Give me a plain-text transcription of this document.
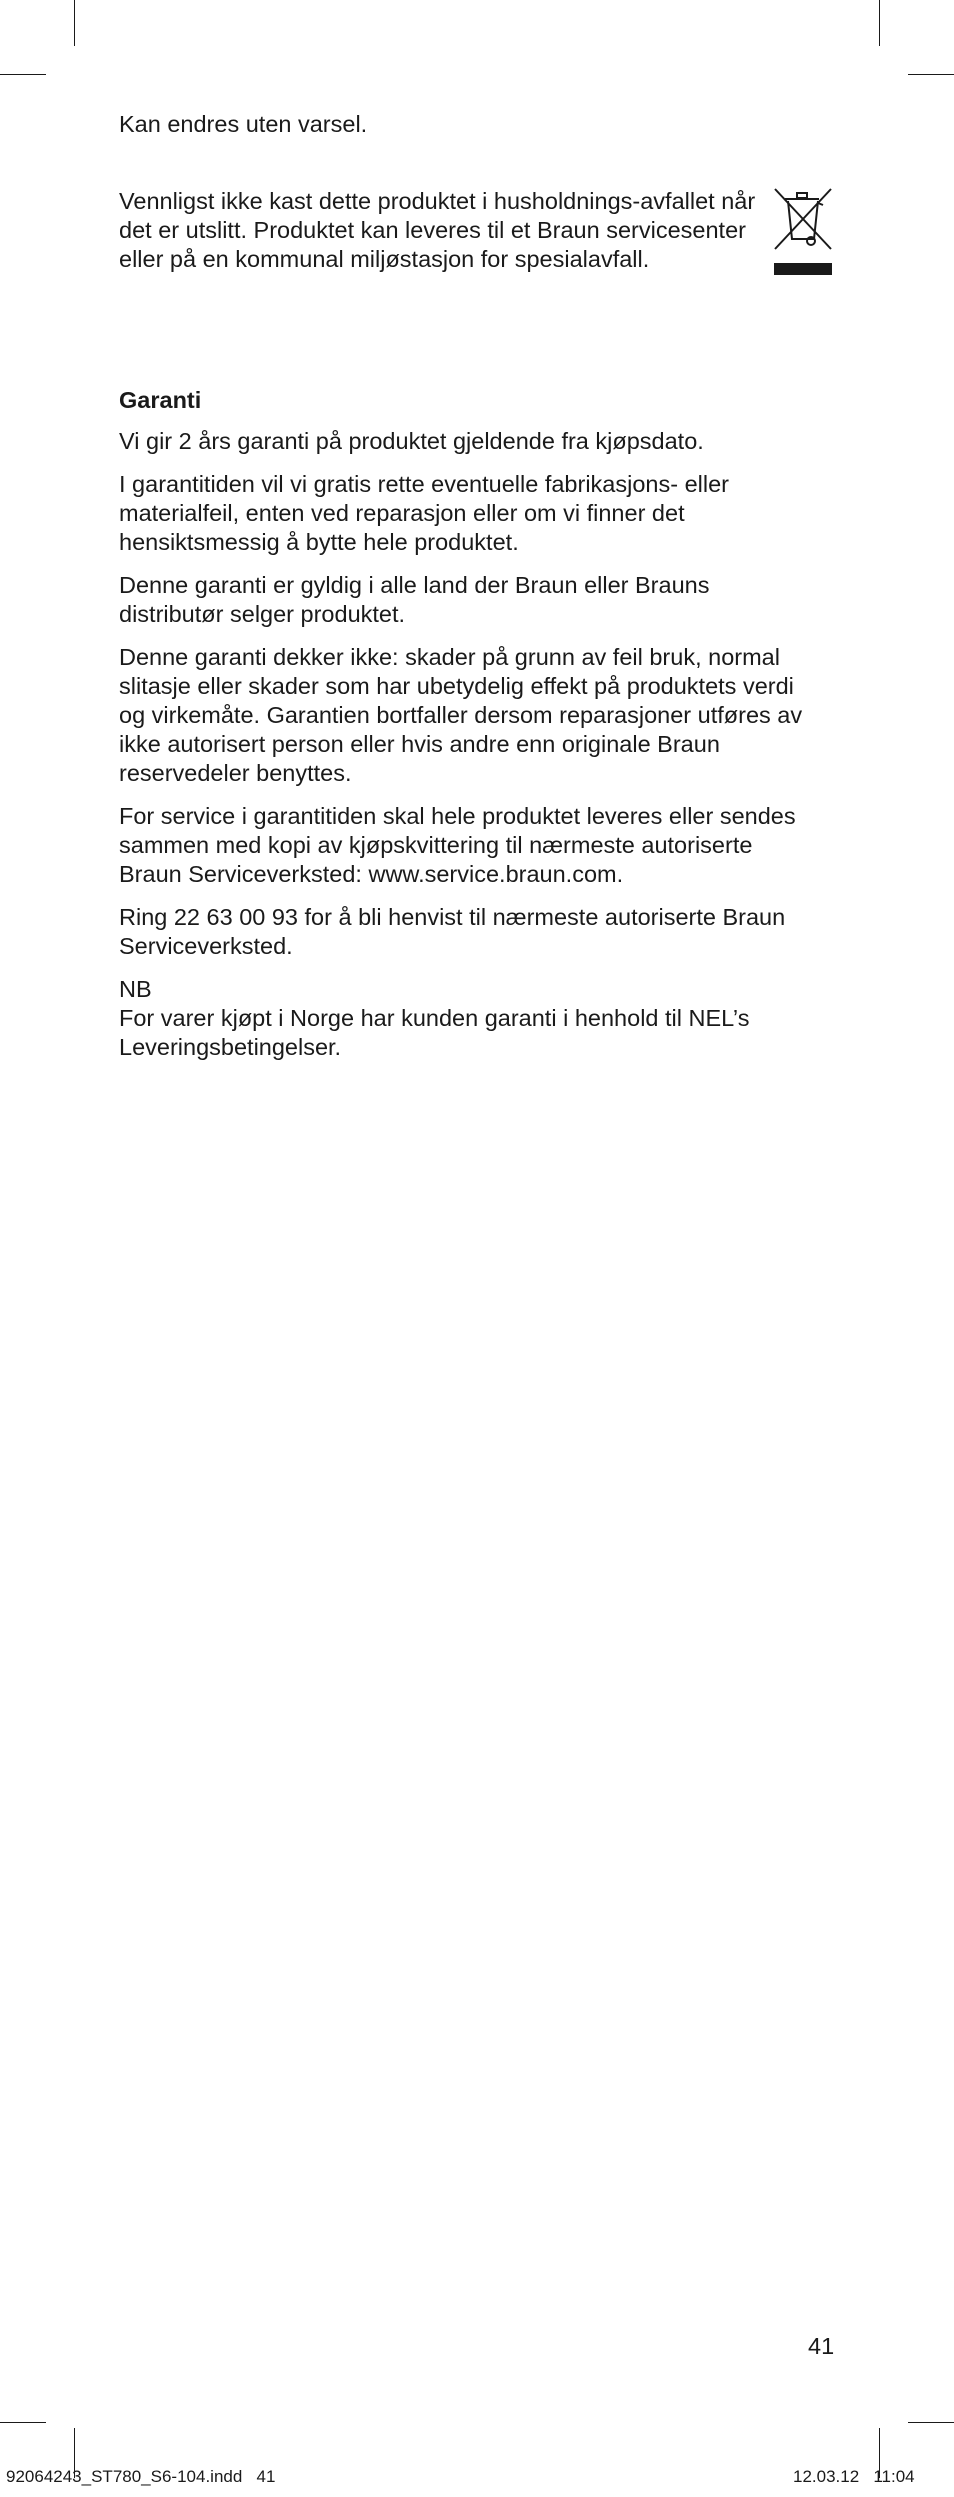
Kan endres uten varsel.

Vennligst ikke kast dette produktet i husholdnings-avfallet når det er utslitt. Produktet kan leveres til et Braun servicesenter eller på en kommunal miljøstasjon for spesialavfall.

Garanti

Vi gir 2 års garanti på produktet gjeldende fra kjøpsdato.

I garantitiden vil vi gratis rette eventuelle fabrikasjons- eller materialfeil, enten ved reparasjon eller om vi finner det hensiktsmessig å bytte hele produktet.

Denne garanti er gyldig i alle land der Braun eller Brauns distributør selger produktet.

Denne garanti dekker ikke: skader på grunn av feil bruk, normal slitasje eller skader som har ubetydelig effekt på produktets verdi og virkemåte. Garantien bortfaller dersom reparasjoner utføres av ikke autorisert person eller hvis andre enn originale Braun reservedeler benyttes.

For service i garantitiden skal hele produktet leveres eller sendes sammen med kopi av kjøpskvittering til nærmeste autoriserte Braun Serviceverksted: www.service.braun.com.

Ring 22 63 00 93 for å bli henvist til nærmeste autoriserte Braun Serviceverksted.

NB

For varer kjøpt i Norge har kunden garanti i henhold til NEL’s Leveringsbetingelser.

41
92064243_ST780_S6-104.indd   41	12.03.12   11:04
